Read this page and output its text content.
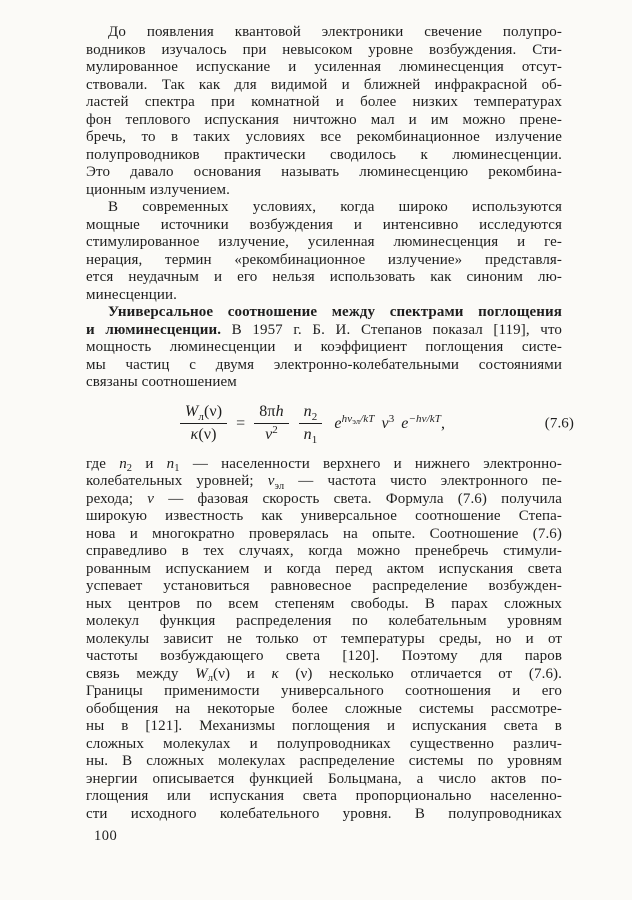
До появления квантовой электроники свечение полупро-
водников изучалось при невысоком уровне возбуждения. Сти-
мулированное испускание и усиленная люминесценция отсут-
ствовали. Так как для видимой и ближней инфракрасной об-
ластей спектра при комнатной и более низких температурах
фон теплового испускания ничтожно мал и им можно прене-
бречь, то в таких условиях все рекомбинационное излучение
полупроводников практически сводилось к люминесценции.
Это давало основания называть люминесценцию рекомбина-
ционным излучением.
В современных условиях, когда широко используются
мощные источники возбуждения и интенсивно исследуются
стимулированное излучение, усиленная люминесценция и ге-
нерация, термин «рекомбинационное излучение» представля-
ется неудачным и его нельзя использовать как синоним лю-
минесценции.
Универсальное соотношение между спектрами поглощения
и люминесценции. В 1957 г. Б. И. Степанов показал [119], что
мощность люминесценции и коэффициент поглощения систе-
мы частиц с двумя электронно-колебательными состояниями
связаны соотношением
$\frac{W_л(\nu)}{\kappa(\nu)} = \frac{8\pi h}{v^2} \frac{n_2}{n_1} e^{h\nu эл/kT}$ $\nu^3$ $e^{-h\nu/kT}$,	(7.6)
где $n_2$ и $n_1$ — населенности верхнего и нижнего электронно-
колебательных уровней; $\nu_{эл}$ — частота чисто электронного пе-
рехода; v — фазовая скорость света. Формула (7.6) получила
широкую известность как универсальное соотношение Степа-
нова и многократно проверялась на опыте. Соотношение (7.6)
справедливо в тех случаях, когда можно пренебречь стимули-
рованным испусканием и когда перед актом испускания света
успевает установиться равновесное распределение возбужден-
ных центров по всем степеням свободы. В парах сложных
молекул функция распределения по колебательным уровням
молекулы зависит не только от температуры среды, но и от
частоты возбуждающего света [120]. Поэтому для паров
связь между $W_л(\nu)$ и κ (ν) несколько отличается от (7.6).
Границы применимости универсального соотношения и его
обобщения на некоторые более сложные системы рассмотре-
ны в [121]. Механизмы поглощения и испускания света в
сложных молекулах и полупроводниках существенно различ-
ны. В сложных молекулах распределение системы по уровням
энергии описывается функцией Больцмана, а число актов по-
глощения или испускания света пропорционально населенно-
сти исходного колебательного уровня. В полупроводниках
100
